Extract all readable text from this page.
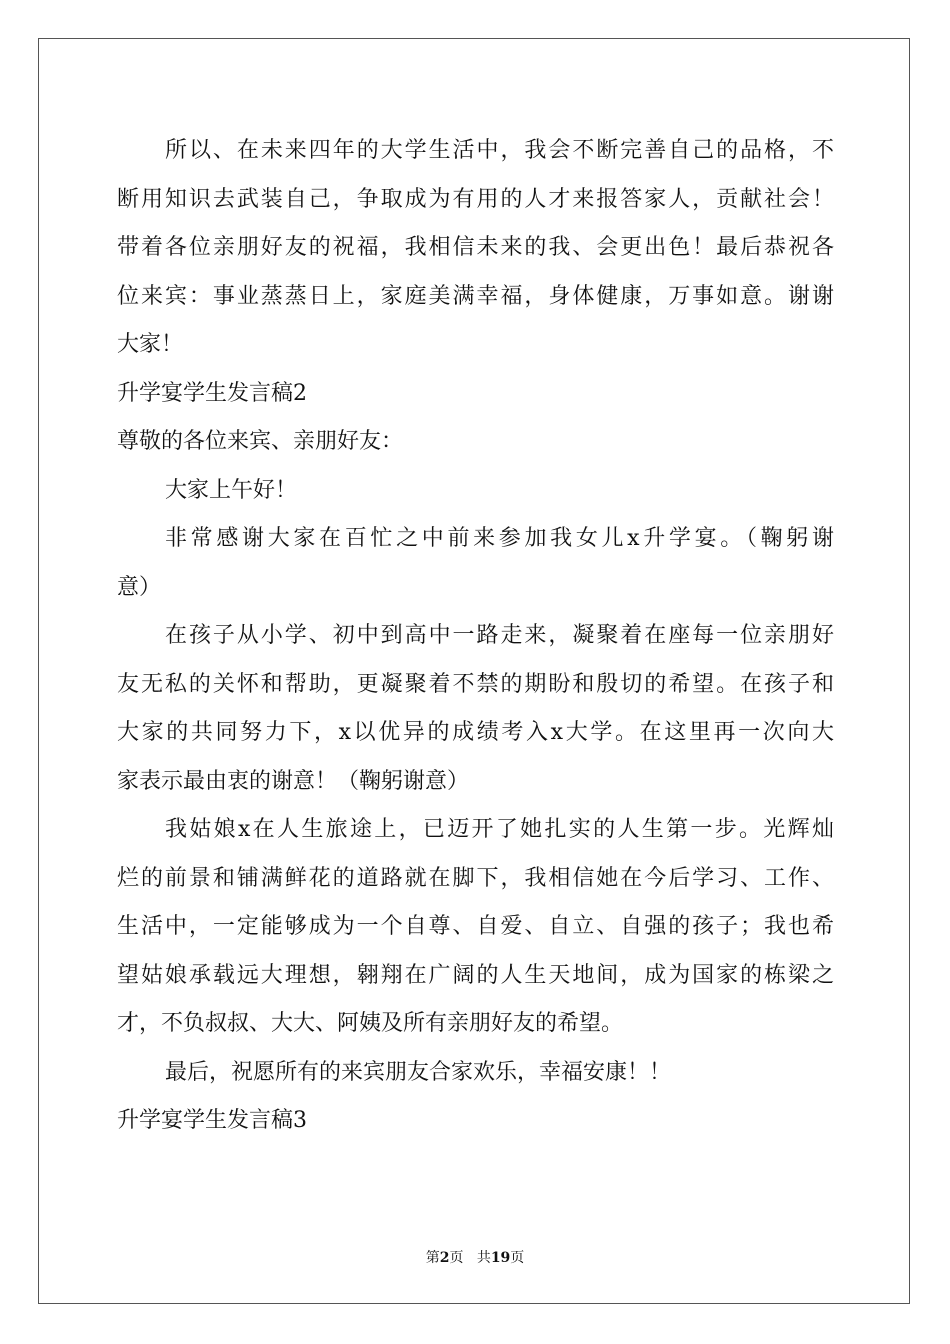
所以、在未来四年的大学生活中，我会不断完善自己的品格，不
断用知识去武装自己，争取成为有用的人才来报答家人，贡献社会！
带着各位亲朋好友的祝福，我相信未来的我、会更出色！最后恭祝各
位来宾：事业蒸蒸日上，家庭美满幸福，身体健康，万事如意。谢谢
大家！
升学宴学生发言稿2
尊敬的各位来宾、亲朋好友：
大家上午好！
非常感谢大家在百忙之中前来参加我女儿x升学宴。（鞠躬谢
意）
在孩子从小学、初中到高中一路走来，凝聚着在座每一位亲朋好
友无私的关怀和帮助，更凝聚着不禁的期盼和殷切的希望。在孩子和
大家的共同努力下，x以优异的成绩考入x大学。在这里再一次向大
家表示最由衷的谢意！（鞠躬谢意）
我姑娘x在人生旅途上，已迈开了她扎实的人生第一步。光辉灿
烂的前景和铺满鲜花的道路就在脚下，我相信她在今后学习、工作、
生活中，一定能够成为一个自尊、自爱、自立、自强的孩子；我也希
望姑娘承载远大理想，翱翔在广阔的人生天地间，成为国家的栋梁之
才，不负叔叔、大大、阿姨及所有亲朋好友的希望。
最后，祝愿所有的来宾朋友合家欢乐，幸福安康！！
升学宴学生发言稿3
第2页 共19页
